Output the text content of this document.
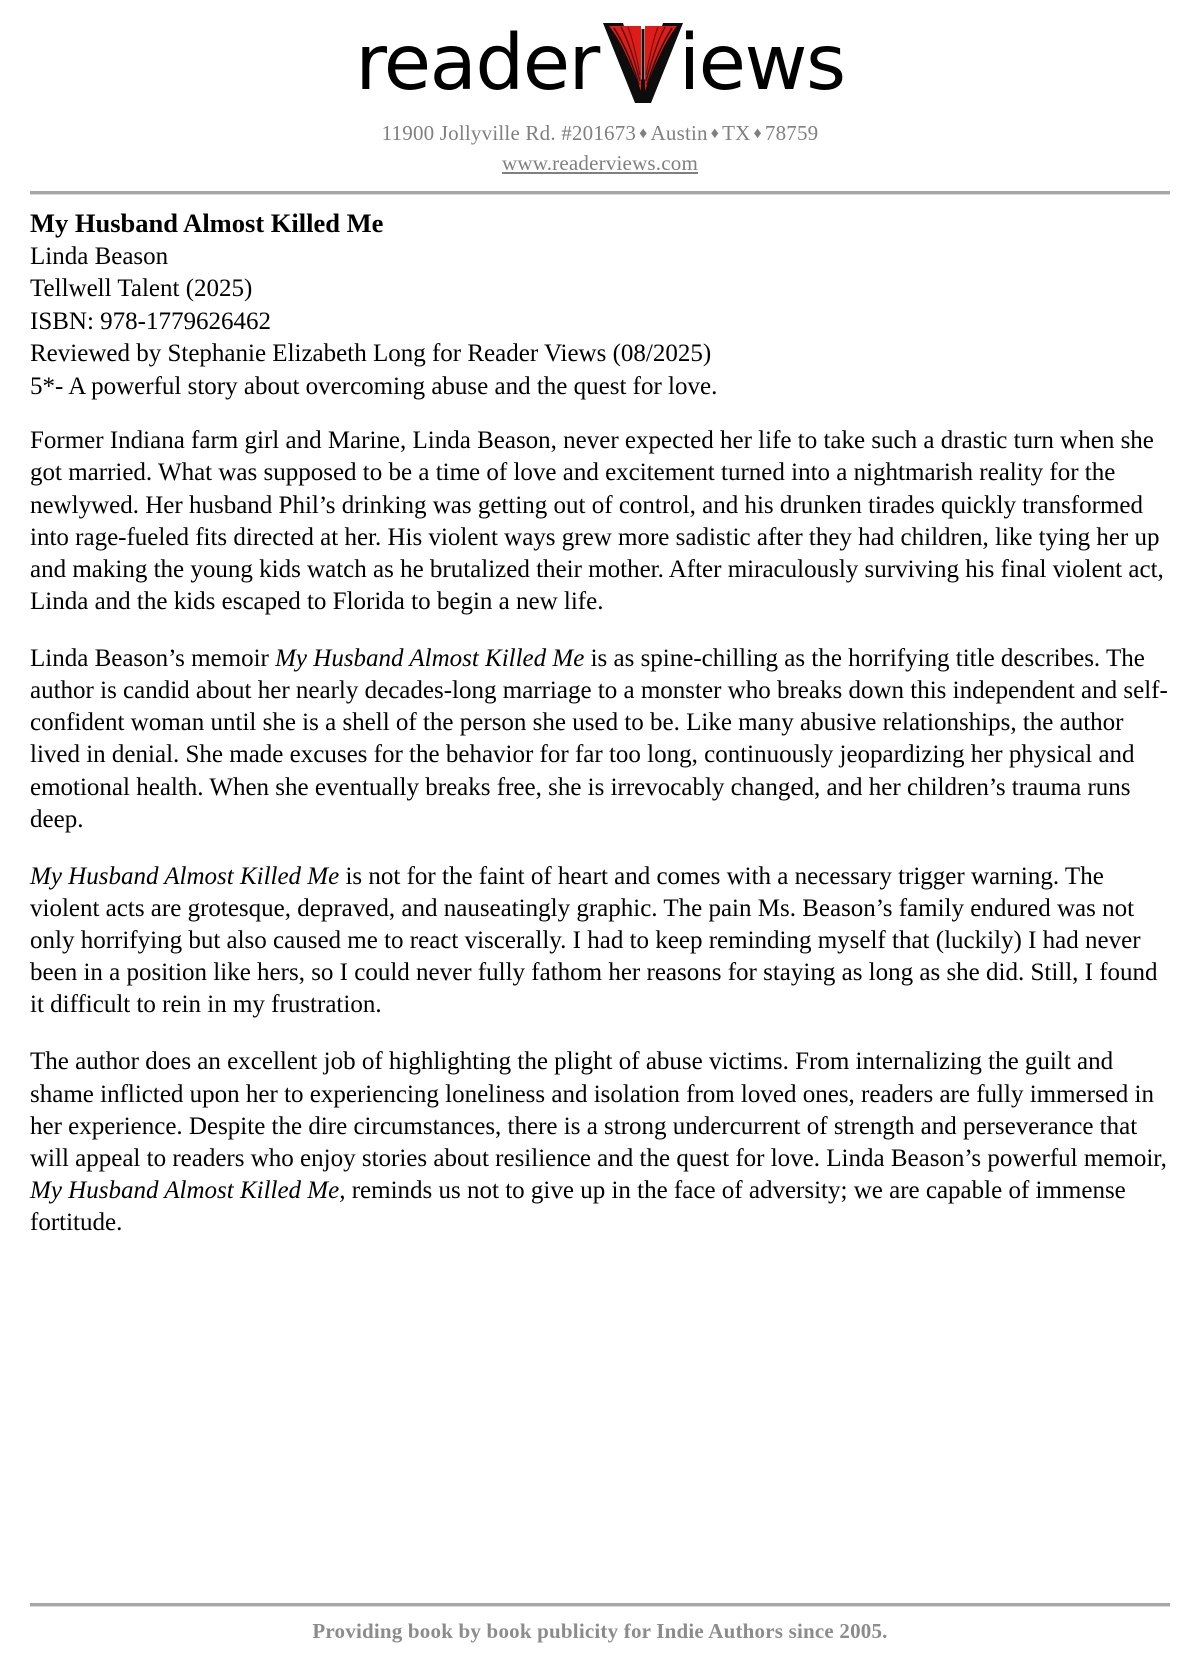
reader iews
11900 Jollyville Rd. #201673 ♦ Austin ♦ TX ♦ 78759
www.readerviews.com
My Husband Almost Killed Me
Linda Beason
Tellwell Talent (2025)
ISBN: 978-1779626462
Reviewed by Stephanie Elizabeth Long for Reader Views (08/2025)
5*- A powerful story about overcoming abuse and the quest for love.

Former Indiana farm girl and Marine, Linda Beason, never expected her life to take such a drastic turn when she got married. What was supposed to be a time of love and excitement turned into a nightmarish reality for the newlywed. Her husband Phil’s drinking was getting out of control, and his drunken tirades quickly transformed into rage-fueled fits directed at her. His violent ways grew more sadistic after they had children, like tying her up and making the young kids watch as he brutalized their mother. After miraculously surviving his final violent act, Linda and the kids escaped to Florida to begin a new life.

Linda Beason’s memoir My Husband Almost Killed Me is as spine-chilling as the horrifying title describes. The author is candid about her nearly decades-long marriage to a monster who breaks down this independent and self-confident woman until she is a shell of the person she used to be. Like many abusive relationships, the author lived in denial. She made excuses for the behavior for far too long, continuously jeopardizing her physical and emotional health. When she eventually breaks free, she is irrevocably changed, and her children’s trauma runs deep.

My Husband Almost Killed Me is not for the faint of heart and comes with a necessary trigger warning. The violent acts are grotesque, depraved, and nauseatingly graphic. The pain Ms. Beason’s family endured was not only horrifying but also caused me to react viscerally. I had to keep reminding myself that (luckily) I had never been in a position like hers, so I could never fully fathom her reasons for staying as long as she did. Still, I found it difficult to rein in my frustration.

The author does an excellent job of highlighting the plight of abuse victims. From internalizing the guilt and shame inflicted upon her to experiencing loneliness and isolation from loved ones, readers are fully immersed in her experience. Despite the dire circumstances, there is a strong undercurrent of strength and perseverance that will appeal to readers who enjoy stories about resilience and the quest for love. Linda Beason’s powerful memoir, My Husband Almost Killed Me, reminds us not to give up in the face of adversity; we are capable of immense fortitude.

Providing book by book publicity for Indie Authors since 2005.
